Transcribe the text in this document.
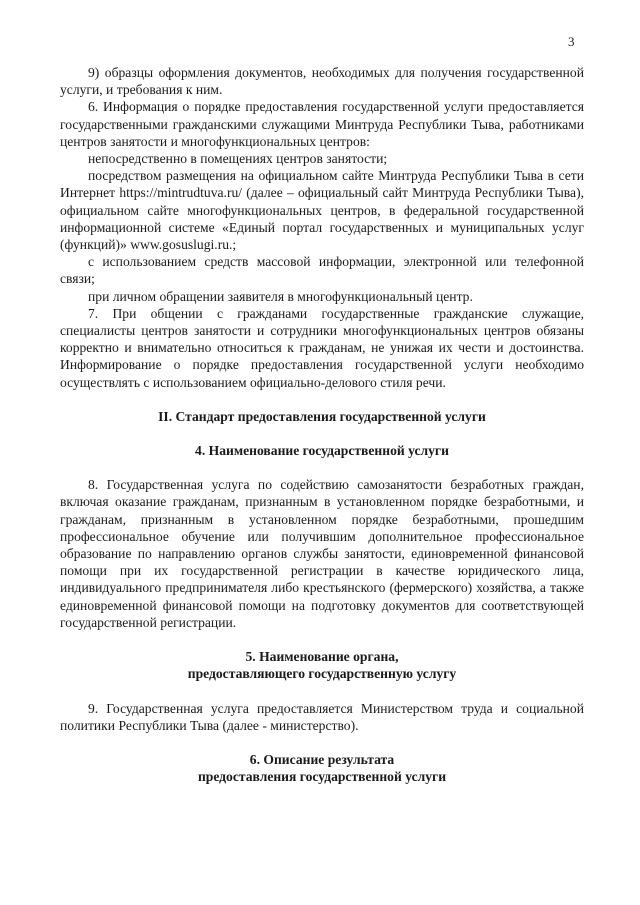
3

9) образцы оформления документов, необходимых для получения государственной услуги, и требования к ним.

6. Информация о порядке предоставления государственной услуги предоставляется государственными гражданскими служащими Минтруда Республики Тыва, работниками центров занятости и многофункциональных центров:

непосредственно в помещениях центров занятости;

посредством размещения на официальном сайте Минтруда Республики Тыва в сети Интернет https://mintrudtuva.ru/ (далее – официальный сайт Минтруда Республики Тыва), официальном сайте многофункциональных центров, в федеральной государственной информационной системе «Единый портал государственных и муниципальных услуг (функций)» www.gosuslugi.ru.;

с использованием средств массовой информации, электронной или телефонной связи;

при личном обращении заявителя в многофункциональный центр.

7. При общении с гражданами государственные гражданские служащие, специалисты центров занятости и сотрудники многофункциональных центров обязаны корректно и внимательно относиться к гражданам, не унижая их чести и достоинства. Информирование о порядке предоставления государственной услуги необходимо осуществлять с использованием официально-делового стиля речи.

II. Стандарт предоставления государственной услуги
4. Наименование государственной услуги

8. Государственная услуга по содействию самозанятости безработных граждан, включая оказание гражданам, признанным в установленном порядке безработными, и гражданам, признанным в установленном порядке безработными, прошедшим профессиональное обучение или получившим дополнительное профессиональное образование по направлению органов службы занятости, единовременной финансовой помощи при их государственной регистрации в качестве юридического лица, индивидуального предпринимателя либо крестьянского (фермерского) хозяйства, а также единовременной финансовой помощи на подготовку документов для соответствующей государственной регистрации.

5. Наименование органа,
предоставляющего государственную услугу

9. Государственная услуга предоставляется Министерством труда и социальной политики Республики Тыва (далее - министерство).

6. Описание результата
предоставления государственной услуги
